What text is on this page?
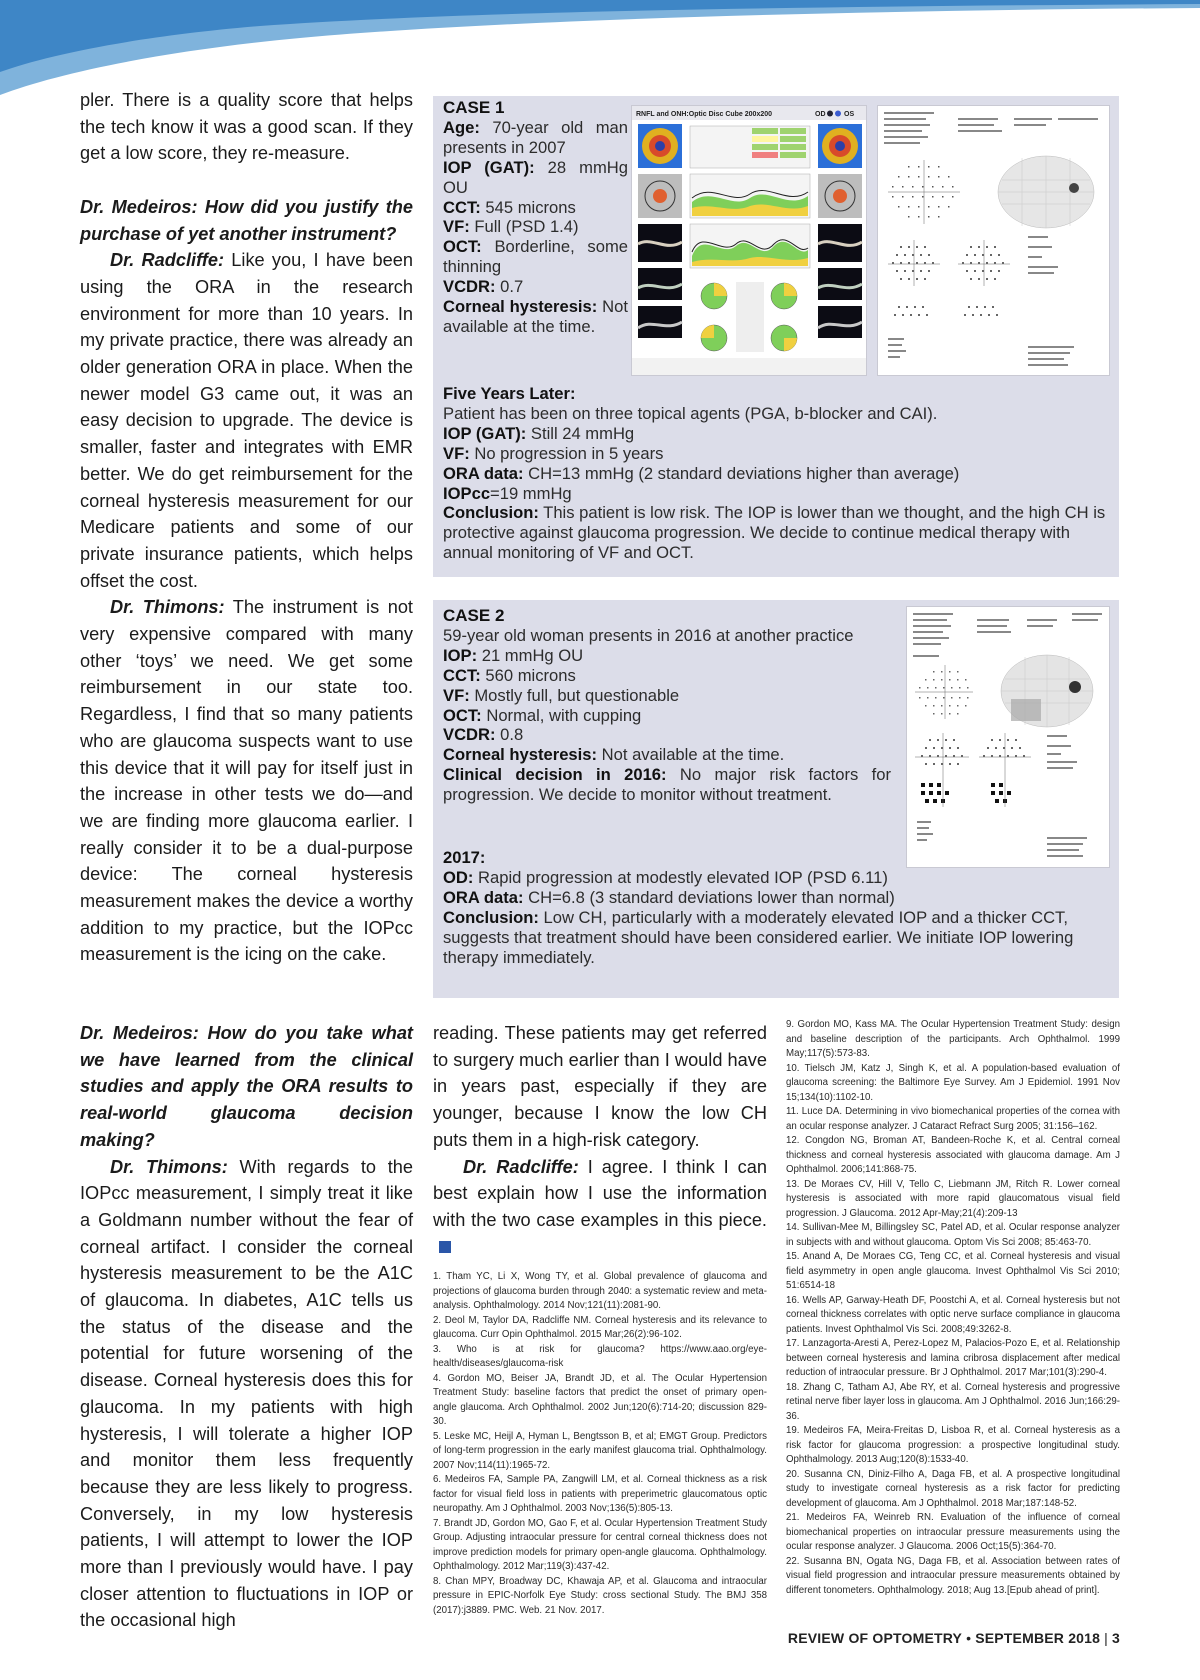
pler. There is a quality score that helps the tech know it was a good scan. If they get a low score, they re-measure.

Dr. Medeiros: How did you justify the purchase of yet another instrument?

Dr. Radcliffe: Like you, I have been using the ORA in the research environment for more than 10 years. In my private practice, there was already an older generation ORA in place. When the newer model G3 came out, it was an easy decision to upgrade. The device is smaller, faster and integrates with EMR better. We do get reimbursement for the corneal hysteresis measurement for our Medicare patients and some of our private insurance patients, which helps offset the cost.

Dr. Thimons: The instrument is not very expensive compared with many other ‘toys’ we need. We get some reimbursement in our state too. Regardless, I find that so many patients who are glaucoma suspects want to use this device that it will pay for itself just in the increase in other tests we do—and we are finding more glaucoma earlier. I really consider it to be a dual-purpose device: The corneal hysteresis measurement makes the device a worthy addition to my practice, but the IOPcc measurement is the icing on the cake.

CASE 1
Age: 70-year old man presents in 2007
IOP (GAT): 28 mmHg OU
CCT: 545 microns
VF: Full (PSD 1.4)
OCT: Borderline, some thinning
VCDR: 0.7
Corneal hysteresis: Not available at the time.
RNFL and ONH:Optic Disc Cube 200x200	OD	OS
Five Years Later:
Patient has been on three topical agents (PGA, b-blocker and CAI).
IOP (GAT): Still 24 mmHg
VF: No progression in 5 years
ORA data: CH=13 mmHg (2 standard deviations higher than average)
IOPcc=19 mmHg
Conclusion: This patient is low risk. The IOP is lower than we thought, and the high CH is protective against glaucoma progression. We decide to continue medical therapy with annual monitoring of VF and OCT.
CASE 2
59-year old woman presents in 2016 at another practice
IOP: 21 mmHg OU
CCT: 560 microns
VF: Mostly full, but questionable
OCT: Normal, with cupping
VCDR: 0.8
Corneal hysteresis: Not available at the time.
Clinical decision in 2016: No major risk factors for progression. We decide to monitor without treatment.
2017:
OD: Rapid progression at modestly elevated IOP (PSD 6.11)
ORA data: CH=6.8 (3 standard deviations lower than normal)
Conclusion: Low CH, particularly with a moderately elevated IOP and a thicker CCT, suggests that treatment should have been considered earlier. We initiate IOP lowering therapy immediately.

Dr. Medeiros: How do you take what we have learned from the clinical studies and apply the ORA results to real-world glaucoma decision making?

Dr. Thimons: With regards to the IOPcc measurement, I simply treat it like a Goldmann number without the fear of corneal artifact. I consider the corneal hysteresis measurement to be the A1C of glaucoma. In diabetes, A1C tells us the status of the disease and the potential for future worsening of the disease. Corneal hysteresis does this for glaucoma. In my patients with high hysteresis, I will tolerate a higher IOP and monitor them less frequently because they are less likely to progress. Conversely, in my low hysteresis patients, I will attempt to lower the IOP more than I previously would have. I pay closer attention to fluctuations in IOP or the occasional high

reading. These patients may get referred to surgery much earlier than I would have in years past, especially if they are younger, because I know the low CH puts them in a high-risk category.

Dr. Radcliffe: I agree. I think I can best explain how I use the information with the two case examples in this piece.

1. Tham YC, Li X, Wong TY, et al. Global prevalence of glaucoma and projections of glaucoma burden through 2040: a systematic review and meta-analysis. Ophthalmology. 2014 Nov;121(11):2081-90.

2. Deol M, Taylor DA, Radcliffe NM. Corneal hysteresis and its relevance to glaucoma. Curr Opin Ophthalmol. 2015 Mar;26(2):96-102.

3. Who is at risk for glaucoma? https://www.aao.org/eye-health/diseases/glaucoma-risk

4. Gordon MO, Beiser JA, Brandt JD, et al. The Ocular Hypertension Treatment Study: baseline factors that predict the onset of primary open-angle glaucoma. Arch Ophthalmol. 2002 Jun;120(6):714-20; discussion 829-30.

5. Leske MC, Heijl A, Hyman L, Bengtsson B, et al; EMGT Group. Predictors of long-term progression in the early manifest glaucoma trial. Ophthalmology. 2007 Nov;114(11):1965-72.

6. Medeiros FA, Sample PA, Zangwill LM, et al. Corneal thickness as a risk factor for visual field loss in patients with preperimetric glaucomatous optic neuropathy. Am J Ophthalmol. 2003 Nov;136(5):805-13.

7. Brandt JD, Gordon MO, Gao F, et al. Ocular Hypertension Treatment Study Group. Adjusting intraocular pressure for central corneal thickness does not improve prediction models for primary open-angle glaucoma. Ophthalmology. Ophthalmology. 2012 Mar;119(3):437-42.

8. Chan MPY, Broadway DC, Khawaja AP, et al. Glaucoma and intraocular pressure in EPIC-Norfolk Eye Study: cross sectional Study. The BMJ 358 (2017):j3889. PMC. Web. 21 Nov. 2017.

9. Gordon MO, Kass MA. The Ocular Hypertension Treatment Study: design and baseline description of the participants. Arch Ophthalmol. 1999 May;117(5):573-83.

10. Tielsch JM, Katz J, Singh K, et al. A population-based evaluation of glaucoma screening: the Baltimore Eye Survey. Am J Epidemiol. 1991 Nov 15;134(10):1102-10.

11. Luce DA. Determining in vivo biomechanical properties of the cornea with an ocular response analyzer. J Cataract Refract Surg 2005; 31:156–162.

12. Congdon NG, Broman AT, Bandeen-Roche K, et al. Central corneal thickness and corneal hysteresis associated with glaucoma damage. Am J Ophthalmol. 2006;141:868-75.

13. De Moraes CV, Hill V, Tello C, Liebmann JM, Ritch R. Lower corneal hysteresis is associated with more rapid glaucomatous visual field progression. J Glaucoma. 2012 Apr-May;21(4):209-13

14. Sullivan-Mee M, Billingsley SC, Patel AD, et al. Ocular response analyzer in subjects with and without glaucoma. Optom Vis Sci 2008; 85:463-70.

15. Anand A, De Moraes CG, Teng CC, et al. Corneal hysteresis and visual field asymmetry in open angle glaucoma. Invest Ophthalmol Vis Sci 2010; 51:6514-18

16. Wells AP, Garway-Heath DF, Poostchi A, et al. Corneal hysteresis but not corneal thickness correlates with optic nerve surface compliance in glaucoma patients. Invest Ophthalmol Vis Sci. 2008;49:3262-8.

17. Lanzagorta-Aresti A, Perez-Lopez M, Palacios-Pozo E, et al. Relationship between corneal hysteresis and lamina cribrosa displacement after medical reduction of intraocular pressure. Br J Ophthalmol. 2017 Mar;101(3):290-4.

18. Zhang C, Tatham AJ, Abe RY, et al. Corneal hysteresis and progressive retinal nerve fiber layer loss in glaucoma. Am J Ophthalmol. 2016 Jun;166:29-36.

19. Medeiros FA, Meira-Freitas D, Lisboa R, et al. Corneal hysteresis as a risk factor for glaucoma progression: a prospective longitudinal study. Ophthalmology. 2013 Aug;120(8):1533-40.

20. Susanna CN, Diniz-Filho A, Daga FB, et al. A prospective longitudinal study to investigate corneal hysteresis as a risk factor for predicting development of glaucoma. Am J Ophthalmol. 2018 Mar;187:148-52.

21. Medeiros FA, Weinreb RN. Evaluation of the influence of corneal biomechanical properties on intraocular pressure measurements using the ocular response analyzer. J Glaucoma. 2006 Oct;15(5):364-70.

22. Susanna BN, Ogata NG, Daga FB, et al. Association between rates of visual field progression and intraocular pressure measurements obtained by different tonometers. Ophthalmology. 2018; Aug 13.[Epub ahead of print].

REVIEW OF OPTOMETRY • SEPTEMBER 2018 | 3
